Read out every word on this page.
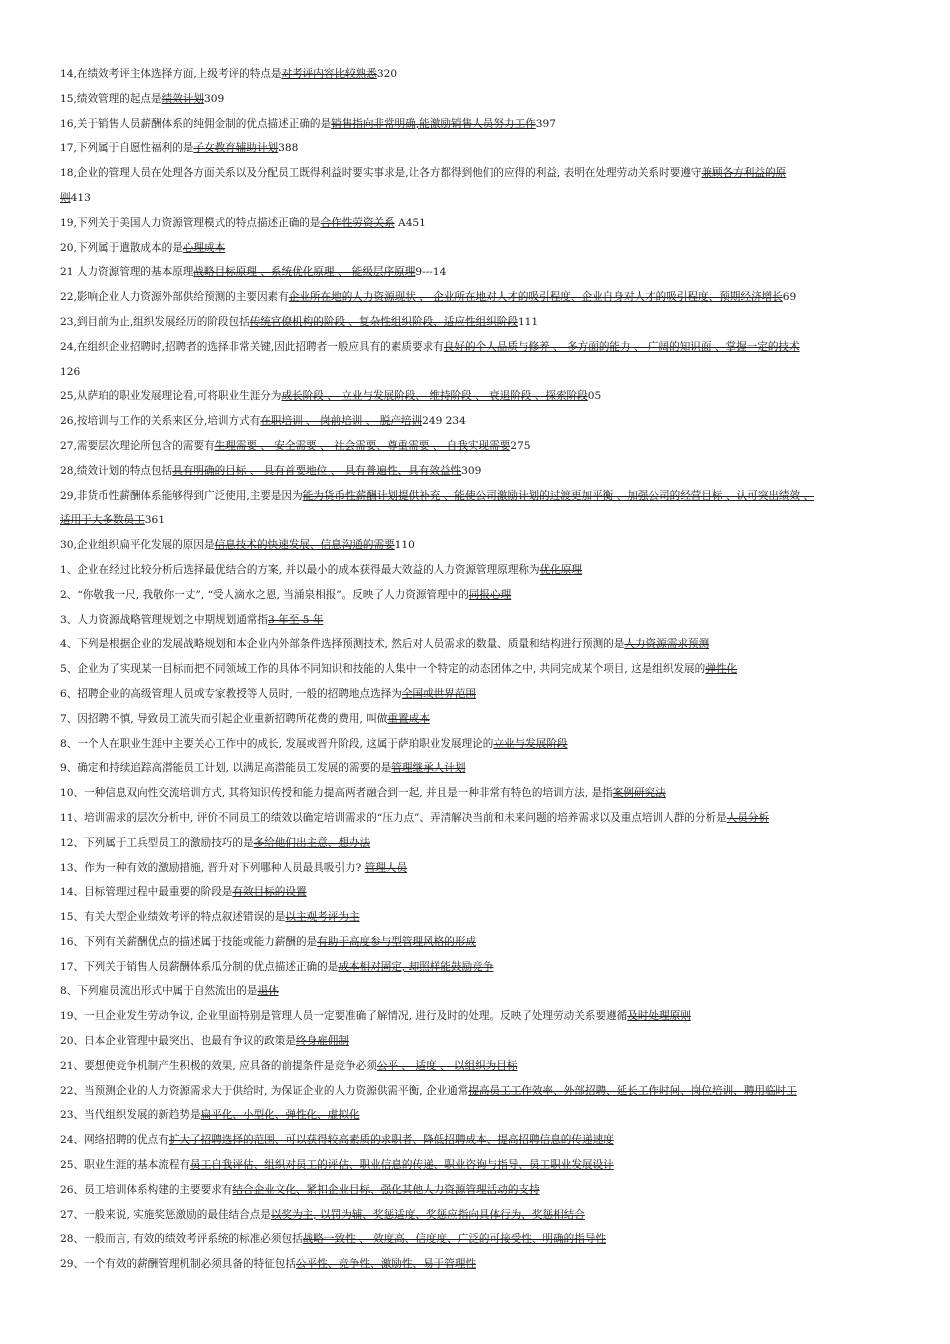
14,在绩效考评主体选择方面,上级考评的特点是对考评内容比较熟悉320
15,绩效管理的起点是绩效计划309
16,关于销售人员薪酬体系的纯佣金制的优点描述正确的是销售指向非常明确,能激励销售人员努力工作397
17,下列属于自愿性福利的是子女教育辅助计划388
18,企业的管理人员在处理各方面关系以及分配员工既得利益时要实事求是,让各方都得到他们的应得的利益, 表明在处理劳动关系时要遵守兼顾各方利益的原
则413
19,下列关于美国人力资源管理模式的特点描述正确的是合作性劳资关系 A451
20,下列属于遣散成本的是心理成本
21 人力资源管理的基本原理战略目标原理 、系统优化原理 、 能级层序原理9---14
22,影响企业人力资源外部供给预测的主要因素有企业所在地的人力资源现状 、 企业所在地对人才的吸引程度、企业自身对人才的吸引程度、预期经济增长69
23,到目前为止,组织发展经历的阶段包括传统官僚机构的阶段 、复杂性组织阶段、适应性组织阶段111
24,在组织企业招聘时,招聘者的选择非常关键,因此招聘者一般应具有的素质要求有良好的个人品质与修养 、 多方面的能力 、 广阔的知识面 、掌握一定的技术
126
25,从萨珀的职业发展理论看,可将职业生涯分为成长阶段 、 立业与发展阶段、 维持阶段 、 衰退阶段 、探索阶段05
26,按培训与工作的关系来区分,培训方式有在职培训 、 岗前培训 、 脱产培训249 234
27,需要层次理论所包含的需要有生理需要 、 安全需要 、 社会需要、尊重需要 、 自我实现需要275
28,绩效计划的特点包括具有明确的目标 、 具有首要地位 、 具有普遍性、具有效益性309
29,非货币性薪酬体系能够得到广泛使用,主要是因为能为货币性薪酬计划提供补充 、能使公司激励计划的过渡更加平衡 、加强公司的经营目标 、认可突出绩效 、
适用于大多数员工361
30,企业组织扁平化发展的原因是信息技术的快速发展、信息沟通的需要110
1、企业在经过比较分析后选择最优结合的方案, 并以最小的成本获得最大效益的人力资源管理原理称为优化原理
2、“你敬我一尺, 我敬你一丈”, “受人滴水之恩, 当涌泉相报”。反映了人力资源管理中的同报心理
3、人力资源战略管理规划之中期规划通常指3 年至 5 年
4、下列是根据企业的发展战略规划和本企业内外部条件选择预测技术, 然后对人员需求的数量、质量和结构进行预测的是人力资源需求预测
5、企业为了实现某一目标而把不同领域工作的具体不同知识和技能的人集中一个特定的动态团体之中, 共同完成某个项目, 这是组织发展的弹性化
6、招聘企业的高级管理人员或专家教授等人员时, 一般的招聘地点选择为全国或世界范围
7、因招聘不慎, 导致员工流失而引起企业重新招聘所花费的费用, 叫做重置成本
8、一个人在职业生涯中主要关心工作中的成长, 发展或晋升阶段, 这属于萨珀职业发展理论的立业与发展阶段
9、确定和持续追踪高潜能员工计划, 以满足高潜能员工发展的需要的是管理继承人计划
10、一种信息双向性交流培训方式, 其将知识传授和能力提高两者融合到一起, 并且是一种非常有特色的培训方法, 是指案例研究法
11、培训需求的层次分析中, 评价不同员工的绩效以确定培训需求的“压力点”、弄清解决当前和未来问题的培养需求以及重点培训人群的分析是人员分析
12、下列属于工兵型员工的激励技巧的是多给他们出主意、想办法
13、作为一种有效的激励措施, 晋升对下列哪种人员最具吸引力? 管理人员
14、目标管理过程中最重要的阶段是有效目标的设置
15、有关大型企业绩效考评的特点叙述错误的是以主观考评为主
16、下列有关薪酬优点的描述属于技能或能力薪酬的是有助于高度参与型管理风格的形成
17、下列关于销售人员薪酬体系瓜分制的优点描述正确的是成本相对固定, 却照样能鼓励竞争
8、下列雇员流出形式中属于自然流出的是退休
19、一旦企业发生劳动争议, 企业里面特别是管理人员一定要准确了解情况, 进行及时的处理。反映了处理劳动关系要遵循及时处理原则
20、日本企业管理中最突出、也最有争议的政策是终身雇佣制
21、要想使竞争机制产生积极的效果, 应具备的前提条件是竞争必须公平 、 适度 、 以组织为目标
22、当预测企业的人力资源需求大于供给时, 为保证企业的人力资源供需平衡, 企业通常提高员工工作效率、外部招聘、延长工作时间、岗位培训、聘用临时工
23、当代组织发展的新趋势是扁平化、小型化、弹性化、虚拟化
24、网络招聘的优点有扩大了招聘选择的范围、可以获得较高素质的求职者、降低招聘成本、提高招聘信息的传递速度
25、职业生涯的基本流程有员工自我评估、组织对员工的评估、职业信息的传递、职业咨询与指导、员工职业发展设计
26、员工培训体系构建的主要要求有结合企业文化、紧扣企业目标、强化其他人力资源管理活动的支持
27、一般来说, 实施奖惩激励的最佳结合点是以奖为主, 以罚为辅、奖惩适度、奖惩应指向具体行为、奖惩相结合
28、一般而言, 有效的绩效考评系统的标准必须包括战略一致性 、 效度高、信度度、广泛的可接受性、明确的指导性
29、一个有效的薪酬管理机制必须具备的特征包括公平性、竞争性、激励性、易于管理性
